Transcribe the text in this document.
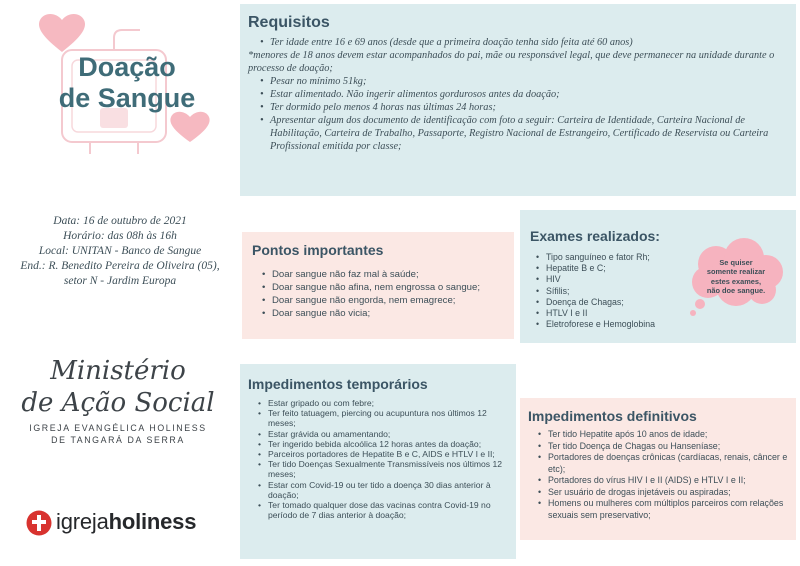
Doação
de Sangue
Requisitos
• Ter idade entre 16 e 69 anos (desde que a primeira doação tenha sido feita até 60 anos)
*menores de 18 anos devem estar acompanhados do pai, mãe ou responsável legal, que deve permanecer na unidade durante o processo de doação;
• Pesar no mínimo 51kg;
• Estar alimentado. Não ingerir alimentos gordurosos antes da doação;
• Ter dormido pelo menos 4 horas nas últimas 24 horas;
• Apresentar algum dos documento de identificação com foto a seguir: Carteira de Identidade, Carteira Nacional de Habilitação, Carteira de Trabalho, Passaporte, Registro Nacional de Estrangeiro, Certificado de Reservista ou Carteira Profissional emitida por classe;
Data: 16 de outubro de 2021
Horário: das 08h às 16h
Local: UNITAN - Banco de Sangue
End.: R. Benedito Pereira de Oliveira (05),
setor N - Jardim Europa
Pontos importantes
• Doar sangue não faz mal à saúde;
• Doar sangue não afina, nem engrossa o sangue;
• Doar sangue não engorda, nem emagrece;
• Doar sangue não vicia;
Exames realizados:
• Tipo sanguíneo e fator Rh;
• Hepatite B e C;
• HIV
• Sífilis;
• Doença de Chagas;
• HTLV I e II
• Eletroforese e Hemoglobina
Se quiser
somente realizar
estes exames,
não doe sangue.
Ministério
de Ação Social
IGREJA EVANGÉLICA HOLINESS
DE TANGARÁ DA SERRA
Impedimentos temporários
• Estar gripado ou com febre;
• Ter feito tatuagem, piercing ou acupuntura nos últimos 12 meses;
• Estar grávida ou amamentando;
• Ter ingerido bebida alcoólica 12 horas antes da doação;
• Parceiros portadores de Hepatite B e C, AIDS e HTLV I e II;
• Ter tido Doenças Sexualmente Transmissíveis nos últimos 12 meses;
• Estar com Covid-19 ou ter tido a doença 30 dias anterior à doação;
• Ter tomado qualquer dose das vacinas contra Covid-19 no período de 7 dias anterior à doação;
Impedimentos definitivos
• Ter tido Hepatite após 10 anos de idade;
• Ter tido Doença de Chagas ou Hanseníase;
• Portadores de doenças crônicas (cardíacas, renais, câncer e etc);
• Portadores do vírus HIV I e II (AIDS) e HTLV I e II;
• Ser usuário de drogas injetáveis ou aspiradas;
• Homens ou mulheres com múltiplos parceiros com relações sexuais sem preservativo;
igrejaholiness
